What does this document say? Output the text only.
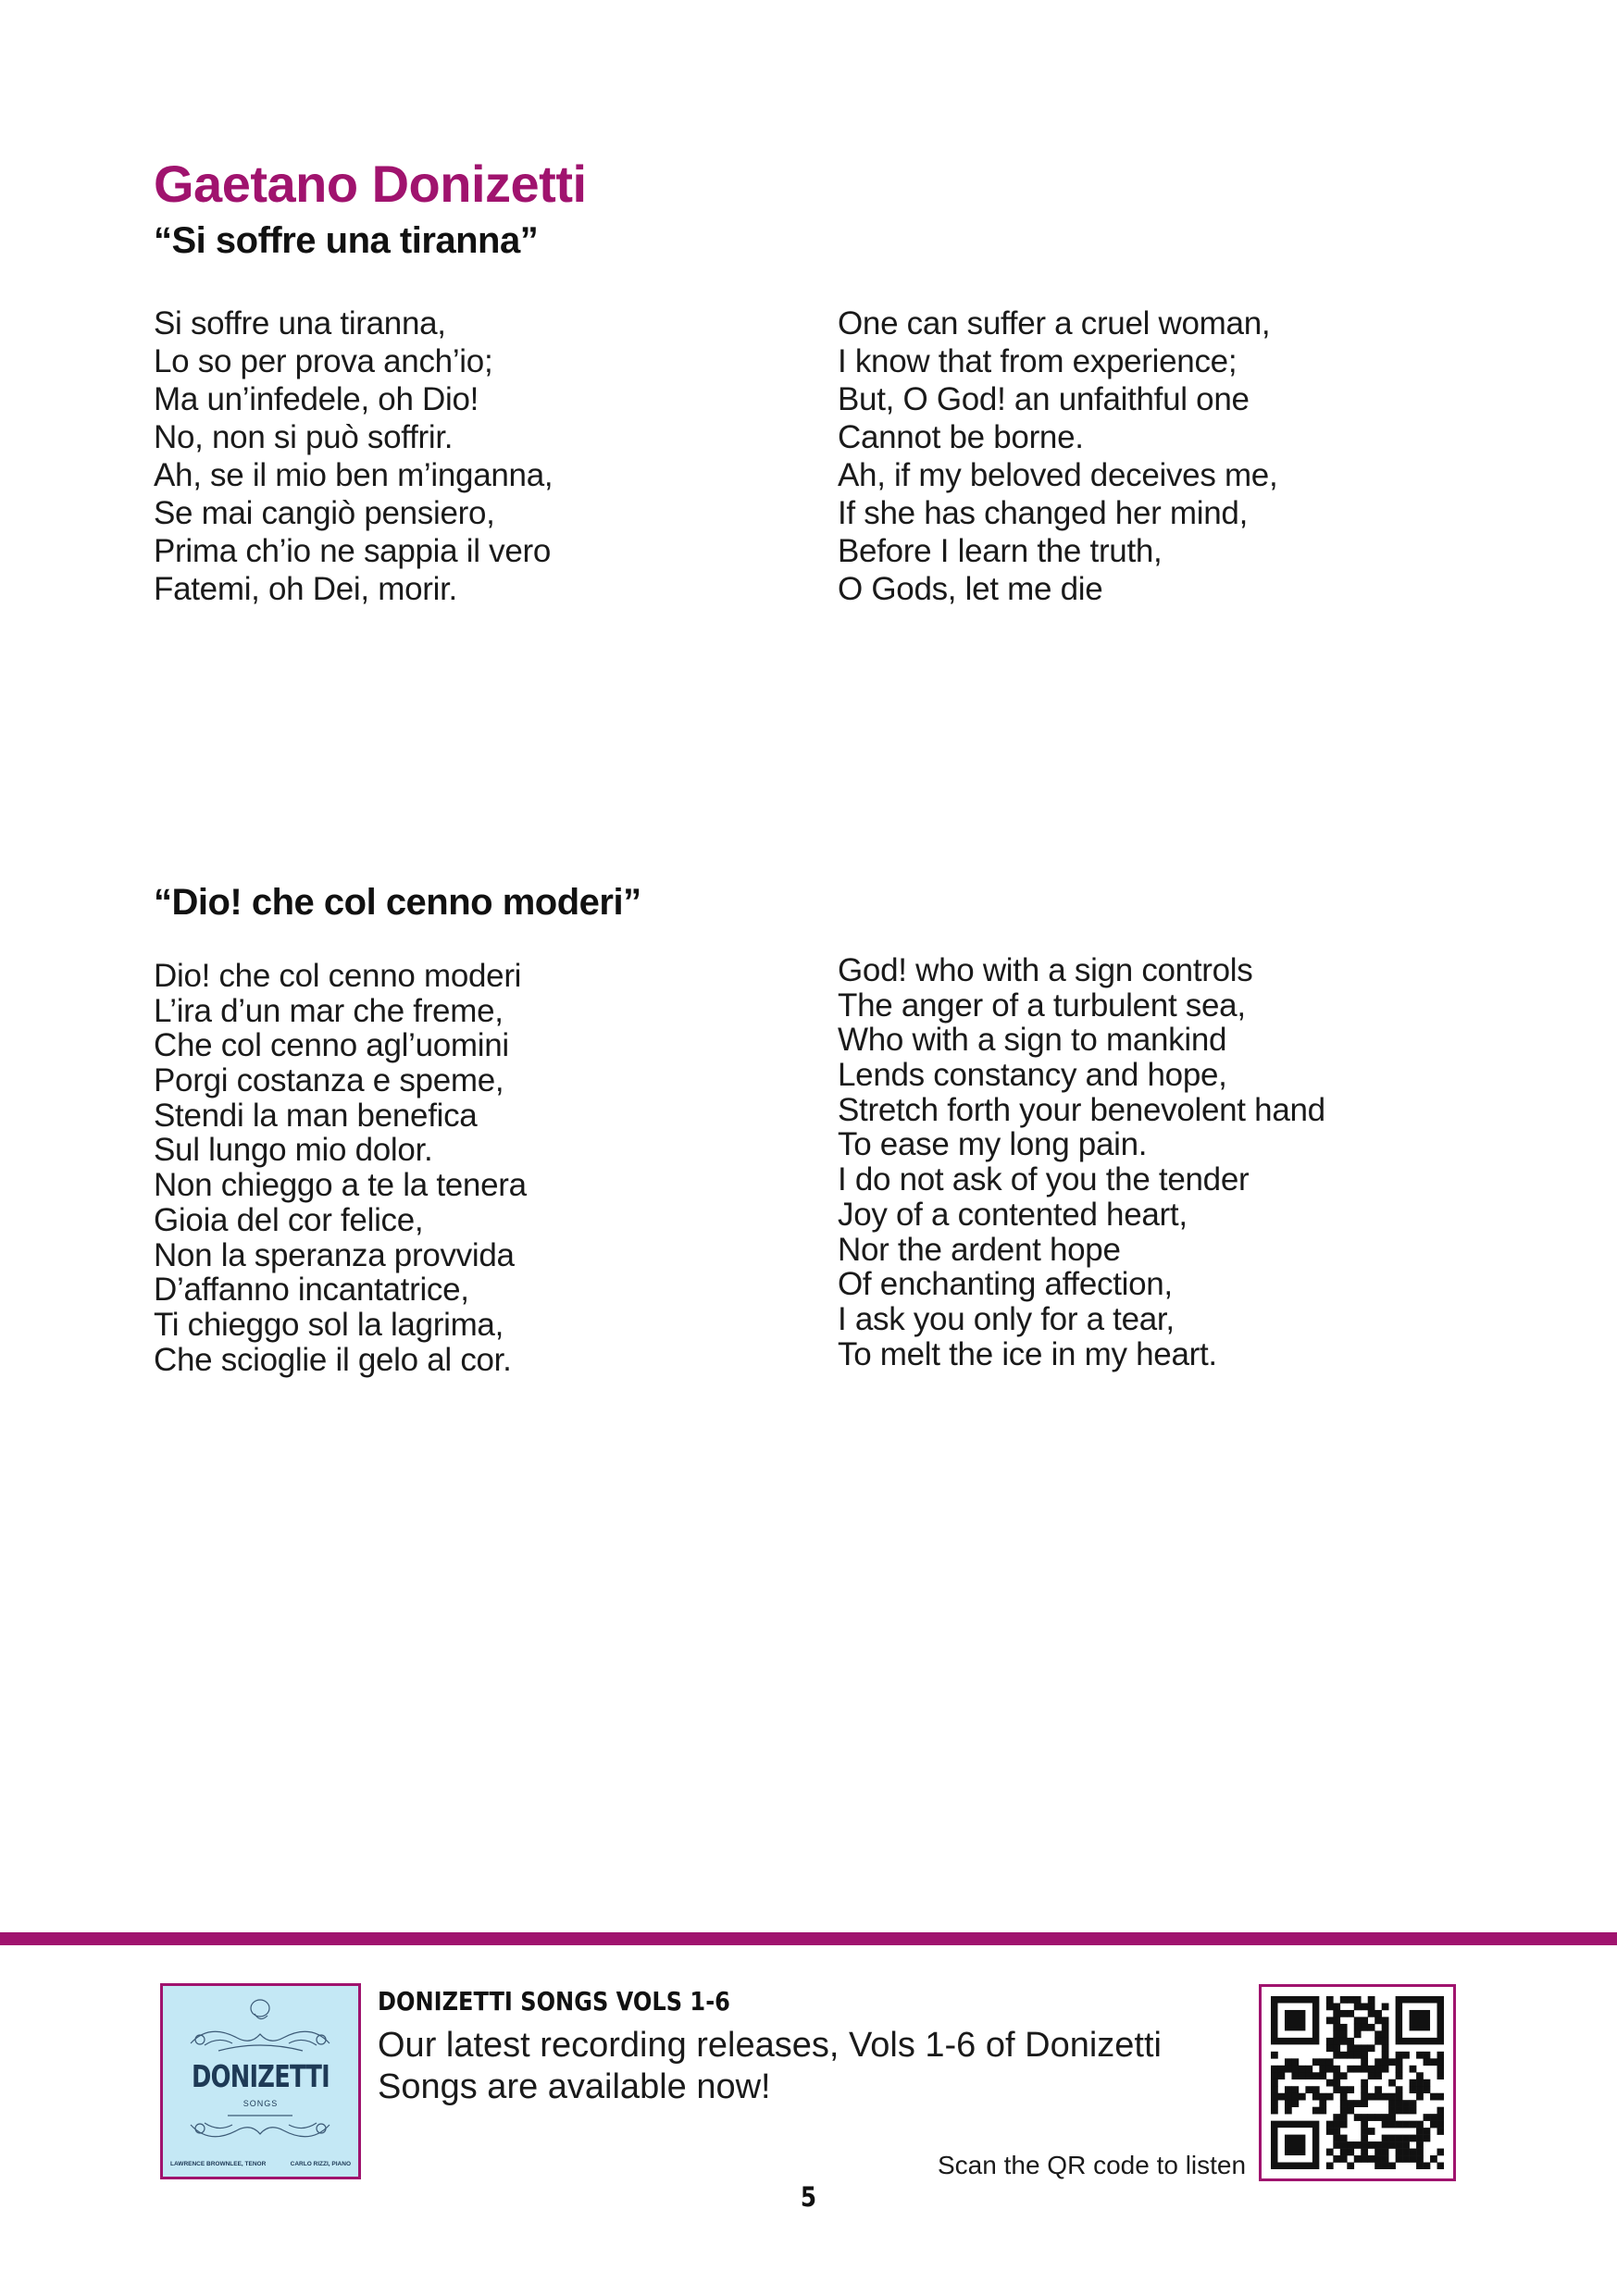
Gaetano Donizetti
“Si soffre una tiranna”
Si soffre una tiranna,
Lo so per prova anch’io;
Ma un’infedele, oh Dio!
No, non si può soffrir.
Ah, se il mio ben m’inganna,
Se mai cangiò pensiero,
Prima ch’io ne sappia il vero
Fatemi, oh Dei, morir.
One can suffer a cruel woman,
I know that from experience;
But, O God! an unfaithful one
Cannot be borne.
Ah, if my beloved deceives me,
If she has changed her mind,
Before I learn the truth,
O Gods, let me die
“Dio! che col cenno moderi”
Dio! che col cenno moderi
L’ira d’un mar che freme,
Che col cenno agl’uomini
Porgi costanza e speme,
Stendi la man benefica
Sul lungo mio dolor.
Non chieggo a te la tenera
Gioia del cor felice,
Non la speranza provvida
D’affanno incantatrice,
Ti chieggo sol la lagrima,
Che scioglie il gelo al cor.
God! who with a sign controls
The anger of a turbulent sea,
Who with a sign to mankind
Lends constancy and hope,
Stretch forth your benevolent hand
To ease my long pain.
I do not ask of you the tender
Joy of a contented heart,
Nor the ardent hope
Of enchanting affection,
I ask you only for a tear,
To melt the ice in my heart.
DONIZETTI
SONGS
LAWRENCE BROWNLEE, TENOR	CARLO RIZZI, PIANO
DONIZETTI SONGS VOLS 1-6

Our latest recording releases, Vols 1-6 of Donizetti Songs are available now!

Scan the QR code to listen

5
